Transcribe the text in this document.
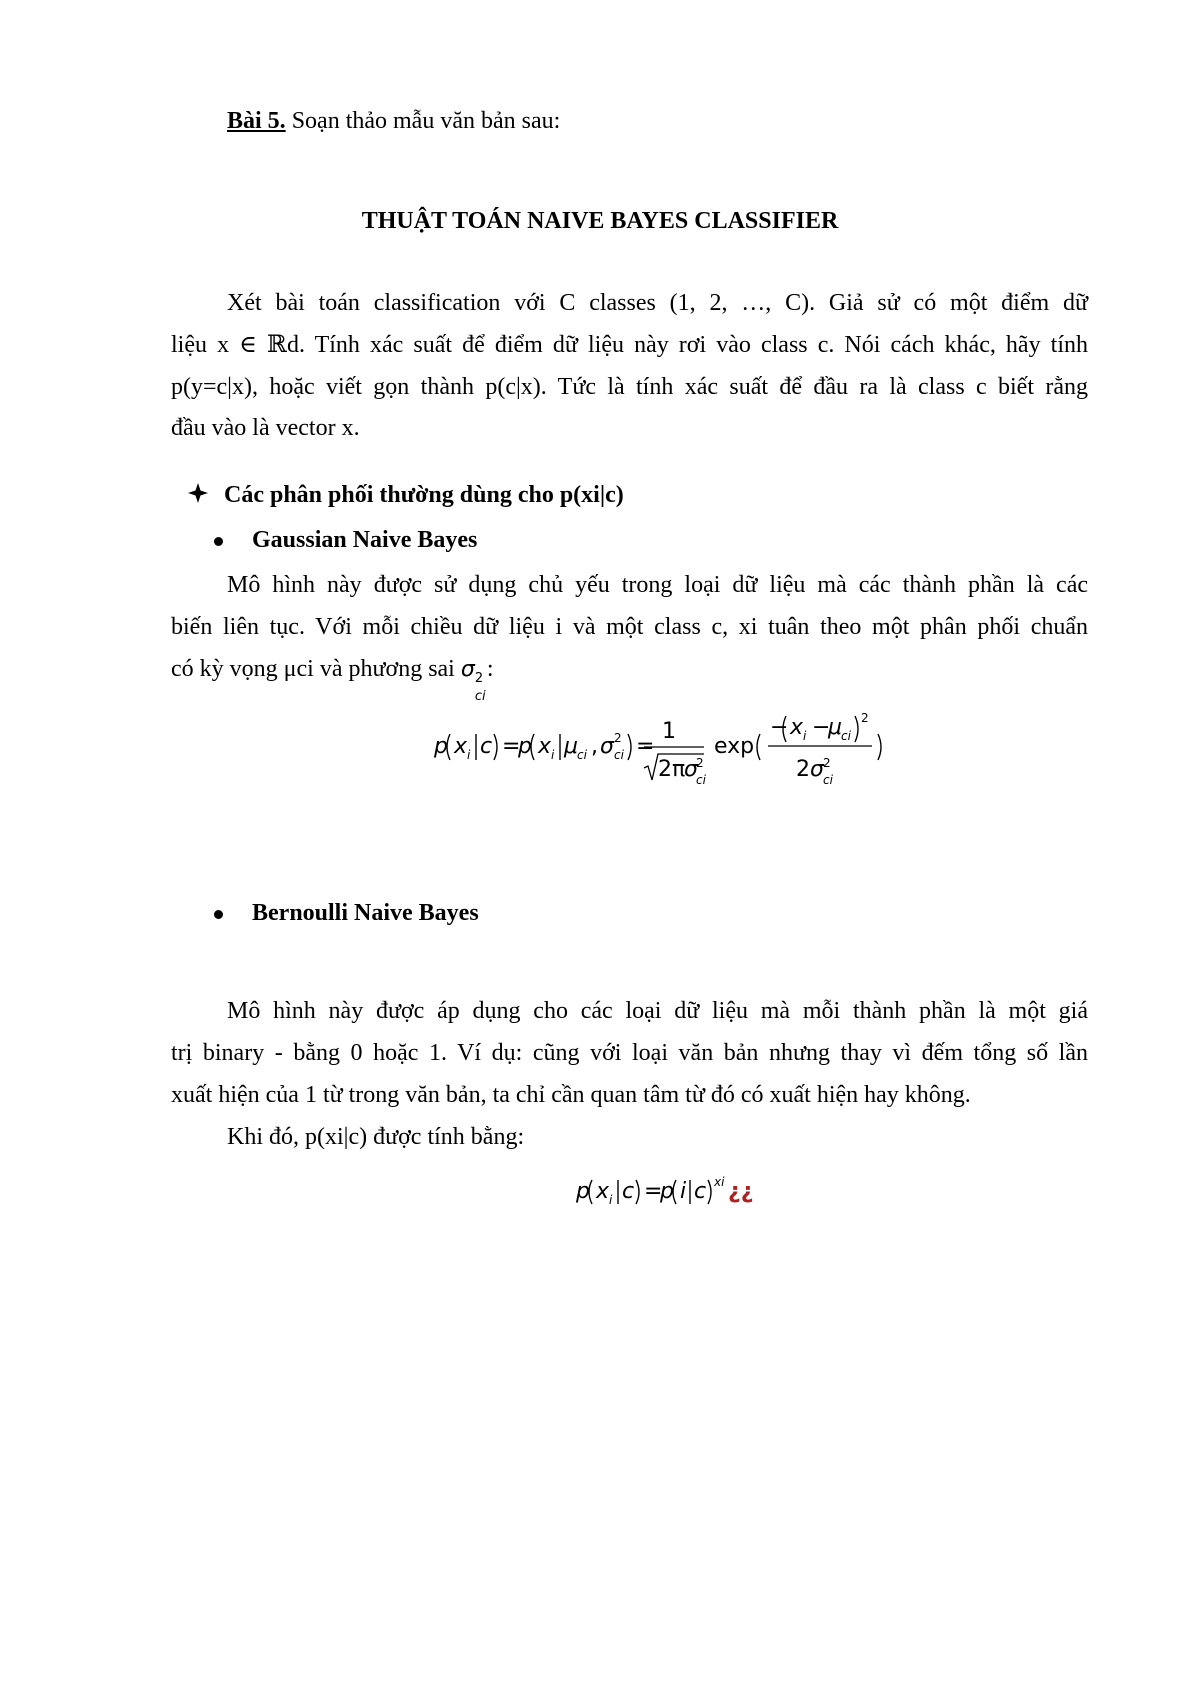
Bài 5. Soạn thảo mẫu văn bản sau:
THUẬT TOÁN NAIVE BAYES CLASSIFIER
Xét bài toán classification với C classes (1, 2, …, C). Giả sử có một điểm dữ
liệu x ∈ ℝd. Tính xác suất để điểm dữ liệu này rơi vào class c. Nói cách khác, hãy tính
p(y=c|x), hoặc viết gọn thành p(c|x). Tức là tính xác suất để đầu ra là class c biết rằng
đầu vào là vector x.
Các phân phối thường dùng cho p(xi|c)
Gaussian Naive Bayes
Mô hình này được sử dụng chủ yếu trong loại dữ liệu mà các thành phần là các
biến liên tục. Với mỗi chiều dữ liệu i và một class c, xi tuân theo một phân phối chuẩn
có kỳ vọng μci và phương sai σ 2
ci
:
p x i c =
p x i μ ci , σ 2
ci =
1
2π
σ
2
ci
exp
− x i −
μ ci
2
2 σ 2
ci
Bernoulli Naive Bayes
Mô hình này được áp dụng cho các loại dữ liệu mà mỗi thành phần là một giá
trị binary - bằng 0 hoặc 1. Ví dụ: cũng với loại văn bản nhưng thay vì đếm tổng số lần
xuất hiện của 1 từ trong văn bản, ta chỉ cần quan tâm từ đó có xuất hiện hay không.
Khi đó, p(xi|c) được tính bằng:
p x i c =
p i c xi ¿¿
